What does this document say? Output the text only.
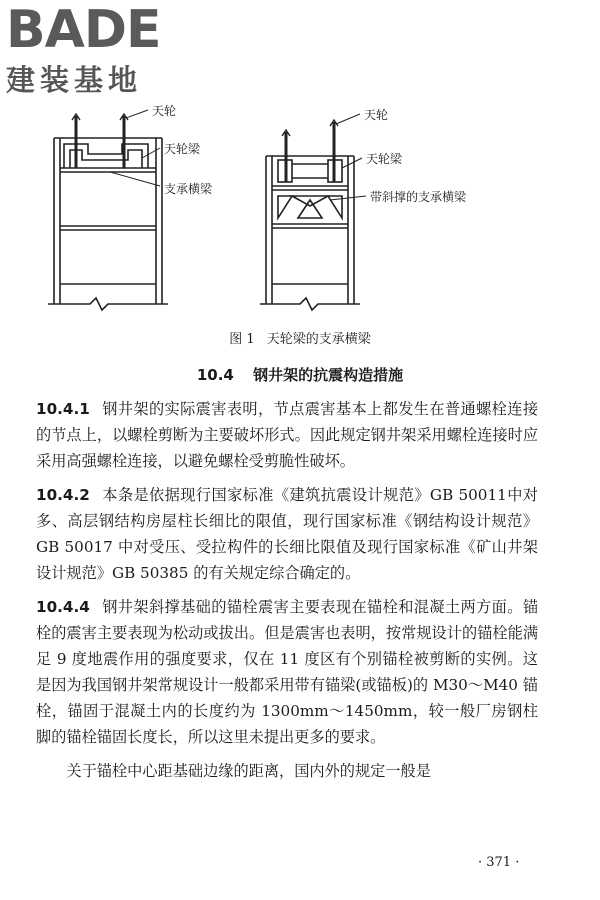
BADE
建装基地
天轮
天轮梁
支承横梁
天轮
天轮梁
带斜撑的支承横梁
图 1 天轮梁的支承横梁
10.4 钢井架的抗震构造措施

10.4.1 钢井架的实际震害表明，节点震害基本上都发生在普通螺栓连接的节点上，以螺栓剪断为主要破坏形式。因此规定钢井架采用螺栓连接时应采用高强螺栓连接，以避免螺栓受剪脆性破坏。

10.4.2 本条是依据现行国家标准《建筑抗震设计规范》GB 50011中对多、高层钢结构房屋柱长细比的限值，现行国家标准《钢结构设计规范》GB 50017 中对受压、受拉构件的长细比限值及现行国家标准《矿山井架设计规范》GB 50385 的有关规定综合确定的。

10.4.4 钢井架斜撑基础的锚栓震害主要表现在锚栓和混凝土两方面。锚栓的震害主要表现为松动或拔出。但是震害也表明，按常规设计的锚栓能满足 9 度地震作用的强度要求，仅在 11 度区有个别锚栓被剪断的实例。这是因为我国钢井架常规设计一般都采用带有锚梁(或锚板)的 M30～M40 锚栓，锚固于混凝土内的长度约为 1300mm～1450mm，较一般厂房钢柱脚的锚栓锚固长度长，所以这里未提出更多的要求。

关于锚栓中心距基础边缘的距离，国内外的规定一般是

· 371 ·
